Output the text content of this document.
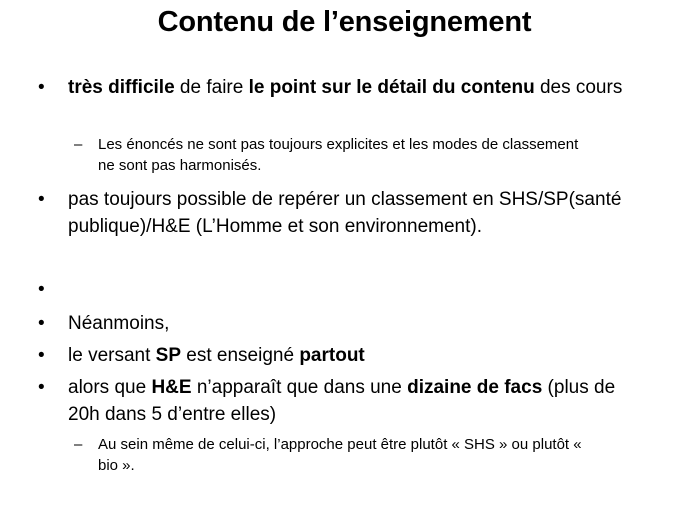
Contenu de l’enseignement
• très difficile de faire le point sur le détail du contenu des cours
– Les énoncés ne sont pas toujours explicites et les modes de classement ne sont pas harmonisés.
• pas toujours possible de repérer un classement en SHS/SP(santé publique)/H&E (L’Homme et son environnement).
•
• Néanmoins,
• le versant SP est enseigné partout
• alors que H&E n’apparaît que dans une dizaine de facs (plus de 20h dans 5 d’entre elles)
– Au sein même de celui-ci, l’approche peut être plutôt « SHS » ou plutôt « bio ».
